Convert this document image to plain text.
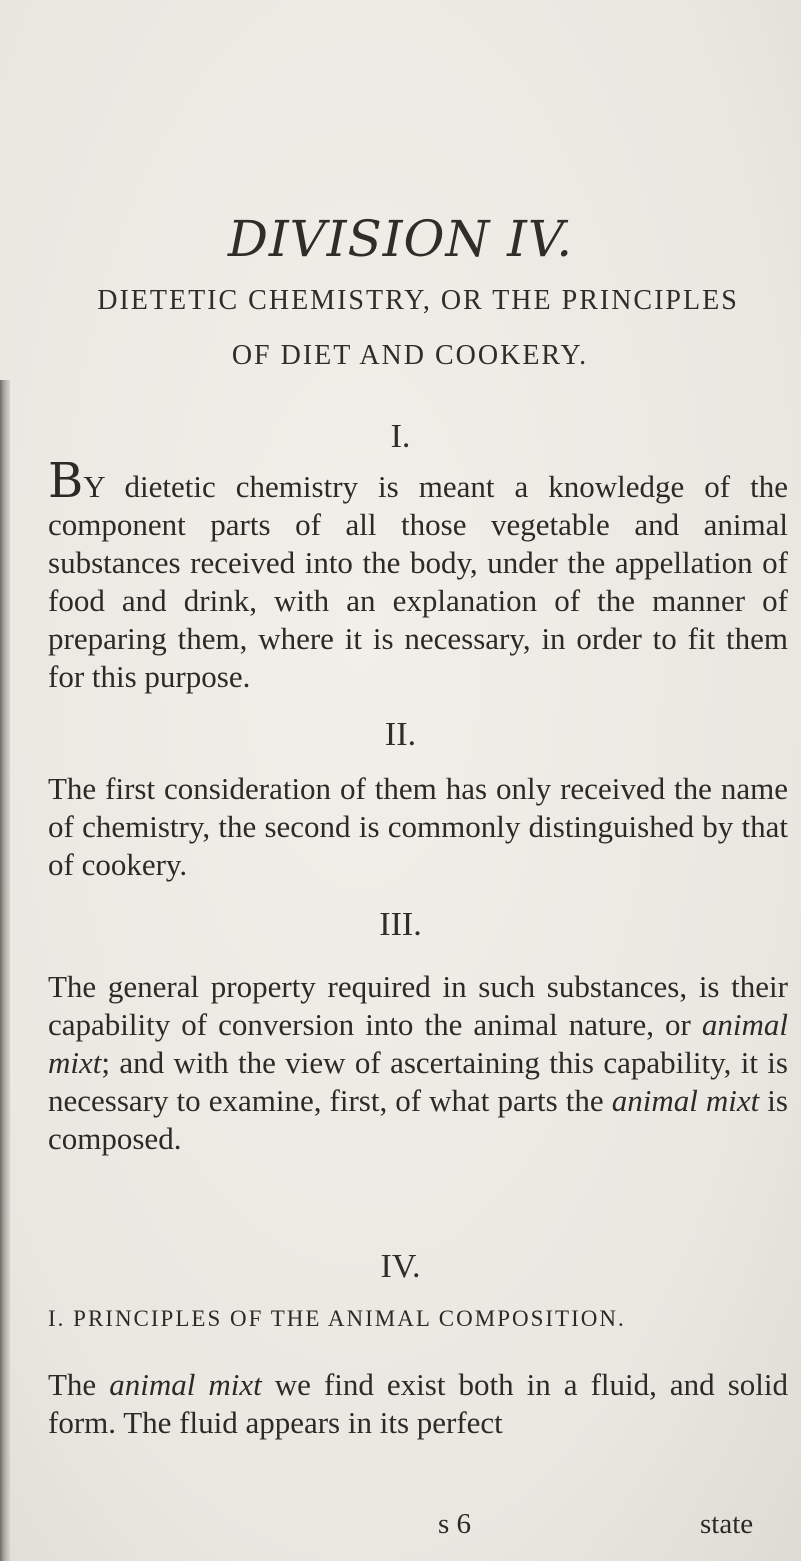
DIVISION IV.
DIETETIC CHEMISTRY, OR THE PRINCIPLES
OF DIET AND COOKERY.
I.
BY dietetic chemistry is meant a knowledge of the component parts of all those vegetable and animal substances received into the body, under the appellation of food and drink, with an explanation of the manner of preparing them, where it is necessary, in order to fit them for this purpose.
II.
The first consideration of them has only received the name of chemistry, the second is commonly distinguished by that of cookery.
III.
The general property required in such substances, is their capability of conversion into the animal nature, or animal mixt; and with the view of ascertaining this capability, it is necessary to examine, first, of what parts the animal mixt is composed.
IV.
I. PRINCIPLES OF THE ANIMAL COMPOSITION.
The animal mixt we find exist both in a fluid, and solid form. The fluid appears in its perfect
s 6	state
